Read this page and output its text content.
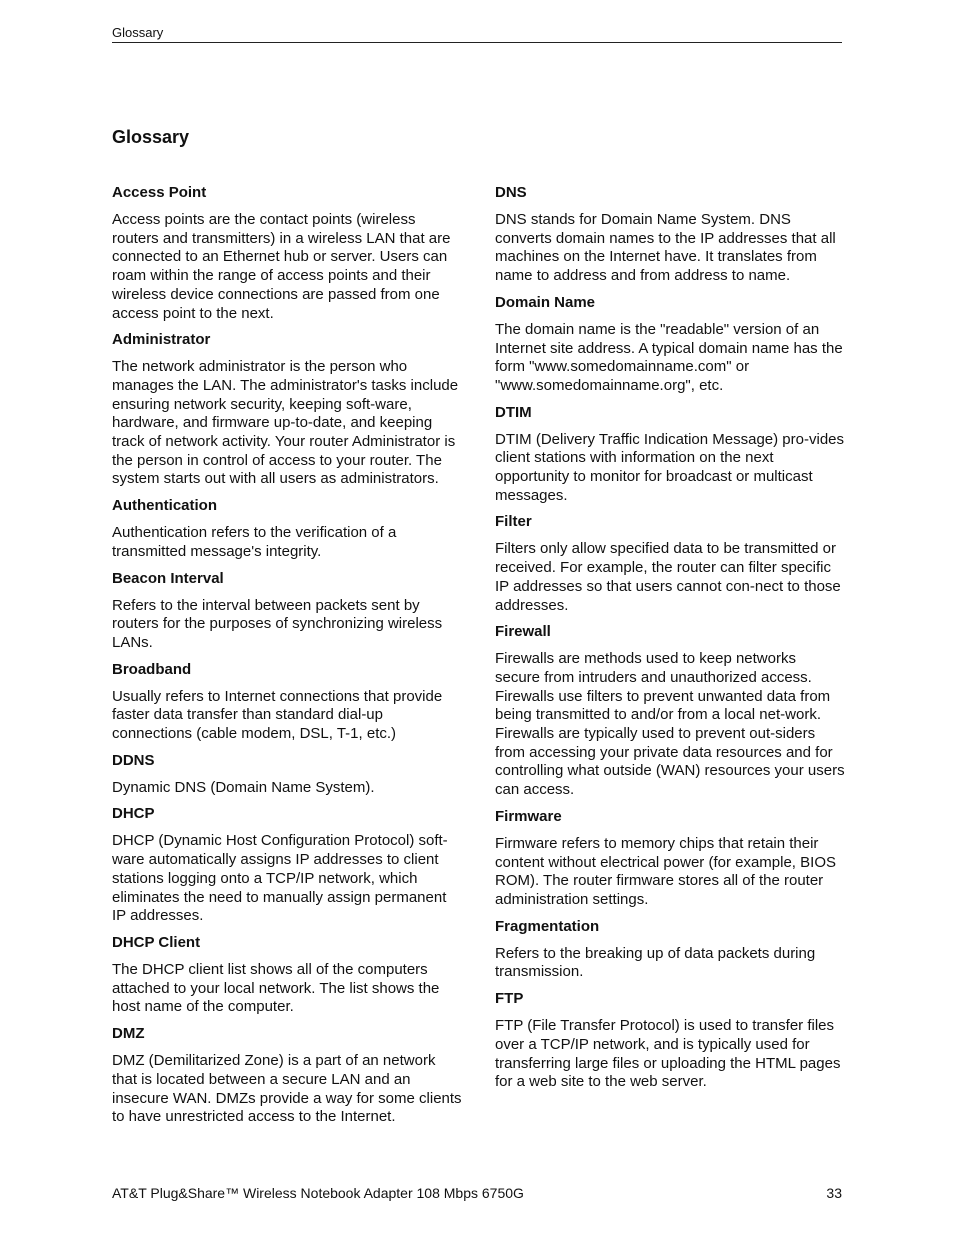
Glossary
Glossary
Access Point

Access points are the contact points (wireless routers and transmitters) in a wireless LAN that are connected to an Ethernet hub or server. Users can roam within the range of access points and their wireless device connections are passed from one access point to the next.

Administrator

The network administrator is the person who manages the LAN. The administrator's tasks include ensuring network security, keeping soft-ware, hardware, and firmware up-to-date, and keeping track of network activity. Your router Administrator is the person in control of access to your router. The system starts out with all users as administrators.

Authentication

Authentication refers to the verification of a transmitted message's integrity.

Beacon Interval

Refers to the interval between packets sent by routers for the purposes of synchronizing wireless LANs.

Broadband

Usually refers to Internet connections that provide faster data transfer than standard dial-up connections (cable modem, DSL, T-1, etc.)

DDNS

Dynamic DNS (Domain Name System).

DHCP

DHCP (Dynamic Host Configuration Protocol) soft-ware automatically assigns IP addresses to client stations logging onto a TCP/IP network, which eliminates the need to manually assign permanent IP addresses.

DHCP Client

The DHCP client list shows all of the computers attached to your local network. The list shows the host name of the computer.

DMZ

DMZ (Demilitarized Zone) is a part of an network that is located between a secure LAN and an insecure WAN. DMZs provide a way for some clients to have unrestricted access to the Internet.

DNS

DNS stands for Domain Name System. DNS converts domain names to the IP addresses that all machines on the Internet have. It translates from name to address and from address to name.

Domain Name

The domain name is the "readable" version of an Internet site address. A typical domain name has the form "www.somedomainname.com" or "www.somedomainname.org", etc.

DTIM

DTIM (Delivery Traffic Indication Message) pro-vides client stations with information on the next opportunity to monitor for broadcast or multicast messages.

Filter

Filters only allow specified data to be transmitted or received. For example, the router can filter specific IP addresses so that users cannot con-nect to those addresses.

Firewall

Firewalls are methods used to keep networks secure from intruders and unauthorized access. Firewalls use filters to prevent unwanted data from being transmitted to and/or from a local net-work. Firewalls are typically used to prevent out-siders from accessing your private data resources and for controlling what outside (WAN) resources your users can access.

Firmware

Firmware refers to memory chips that retain their content without electrical power (for example, BIOS ROM). The router firmware stores all of the router administration settings.

Fragmentation

Refers to the breaking up of data packets during transmission.

FTP

FTP (File Transfer Protocol) is used to transfer files over a TCP/IP network, and is typically used for transferring large files or uploading the HTML pages for a web site to the web server.

AT&T Plug&Share™ Wireless Notebook Adapter 108 Mbps 6750G	33
